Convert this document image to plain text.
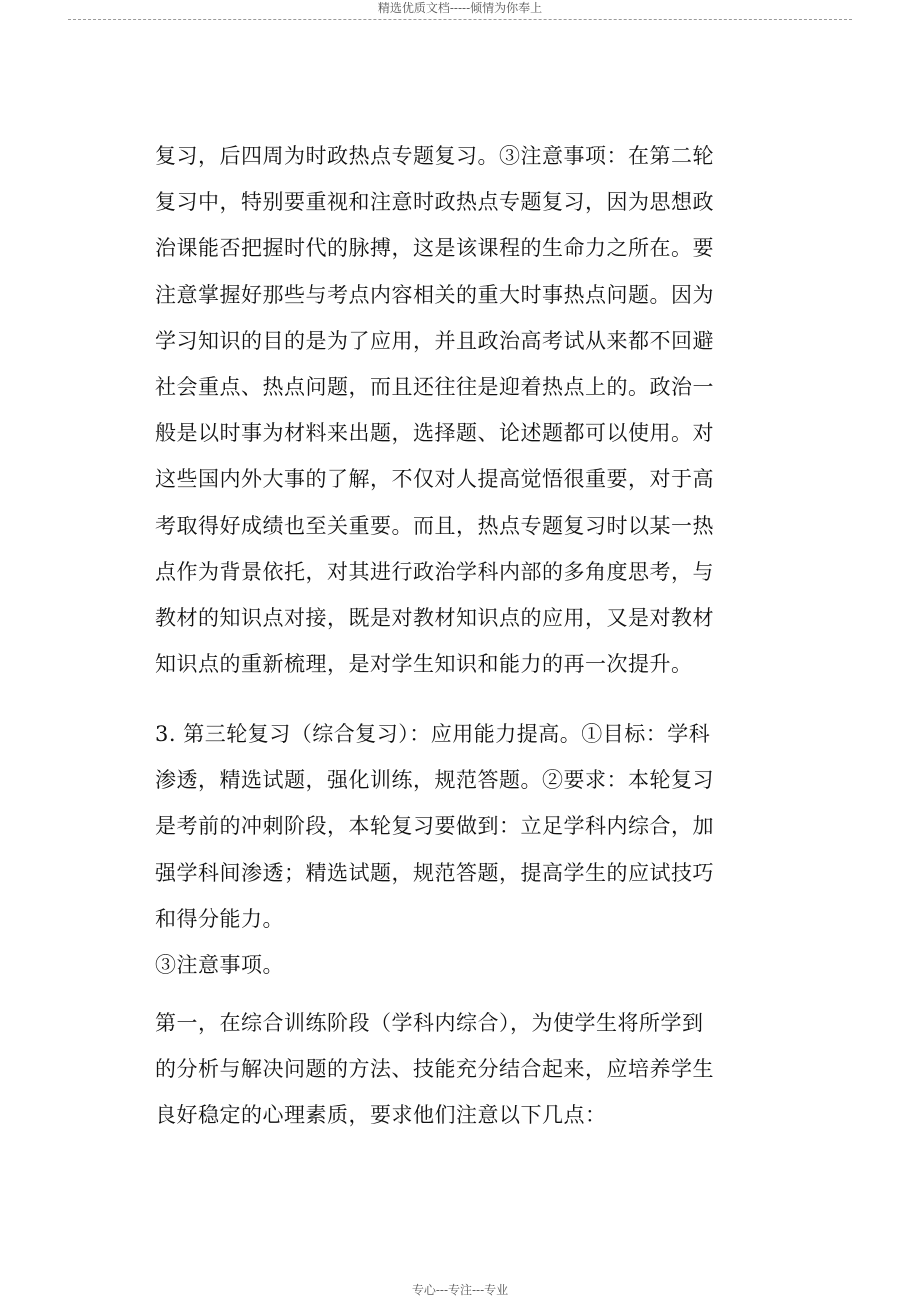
精选优质文档-----倾情为你奉上

复习，后四周为时政热点专题复习。③注意事项：在第二轮复习中，特别要重视和注意时政热点专题复习，因为思想政治课能否把握时代的脉搏，这是该课程的生命力之所在。要注意掌握好那些与考点内容相关的重大时事热点问题。因为学习知识的目的是为了应用，并且政治高考试从来都不回避社会重点、热点问题，而且还往往是迎着热点上的。政治一般是以时事为材料来出题，选择题、论述题都可以使用。对这些国内外大事的了解，不仅对人提高觉悟很重要，对于高考取得好成绩也至关重要。而且，热点专题复习时以某一热点作为背景依托，对其进行政治学科内部的多角度思考，与教材的知识点对接，既是对教材知识点的应用，又是对教材知识点的重新梳理，是对学生知识和能力的再一次提升。

3. 第三轮复习（综合复习）：应用能力提高。①目标：学科渗透，精选试题，强化训练，规范答题。②要求：本轮复习是考前的冲刺阶段，本轮复习要做到：立足学科内综合，加强学科间渗透；精选试题，规范答题，提高学生的应试技巧和得分能力。

③注意事项。

第一，在综合训练阶段（学科内综合），为使学生将所学到的分析与解决问题的方法、技能充分结合起来，应培养学生良好稳定的心理素质，要求他们注意以下几点：

专心---专注---专业
